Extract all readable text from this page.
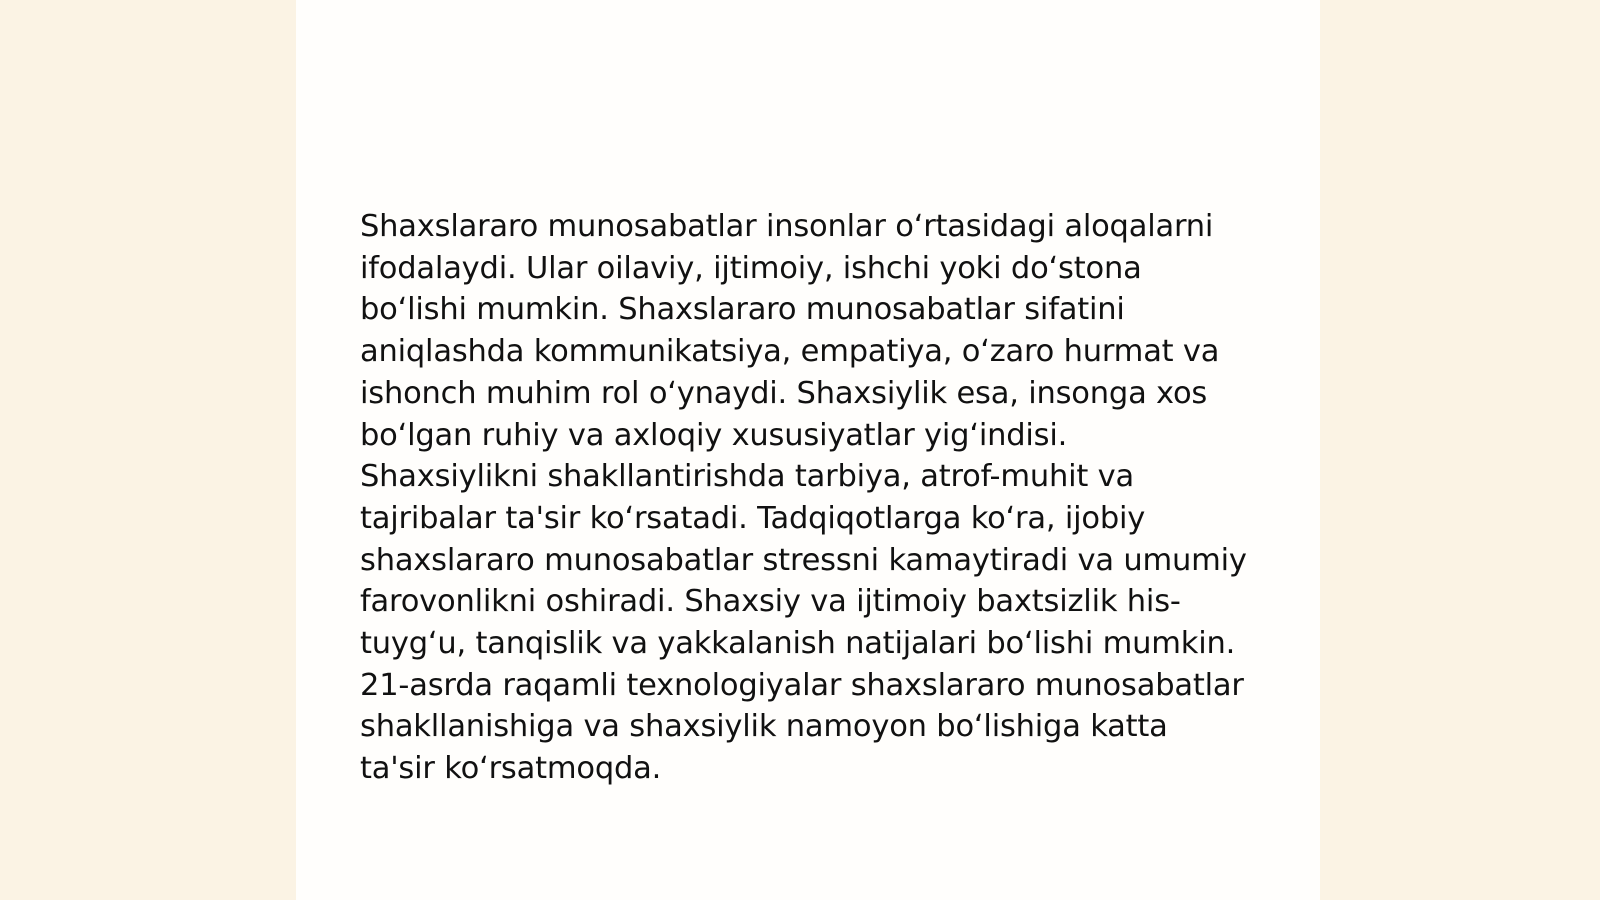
Shaxslararo munosabatlar insonlar o‘rtasidagi aloqalarni ifodalaydi. Ular oilaviy, ijtimoiy, ishchi yoki do‘stona bo‘lishi mumkin. Shaxslararo munosabatlar sifatini aniqlashda kommunikatsiya, empatiya, o‘zaro hurmat va ishonch muhim rol o‘ynaydi. Shaxsiylik esa, insonga xos bo‘lgan ruhiy va axloqiy xususiyatlar yig‘indisi. Shaxsiylikni shakllantirishda tarbiya, atrof-muhit va tajribalar ta'sir ko‘rsatadi. Tadqiqotlarga ko‘ra, ijobiy shaxslararo munosabatlar stressni kamaytiradi va umumiy farovonlikni oshiradi. Shaxsiy va ijtimoiy baxtsizlik his-tuyg‘u, tanqislik va yakkalanish natijalari bo‘lishi mumkin. 21-asrda raqamli texnologiyalar shaxslararo munosabatlar shakllanishiga va shaxsiylik namoyon bo‘lishiga katta ta'sir ko‘rsatmoqda.
